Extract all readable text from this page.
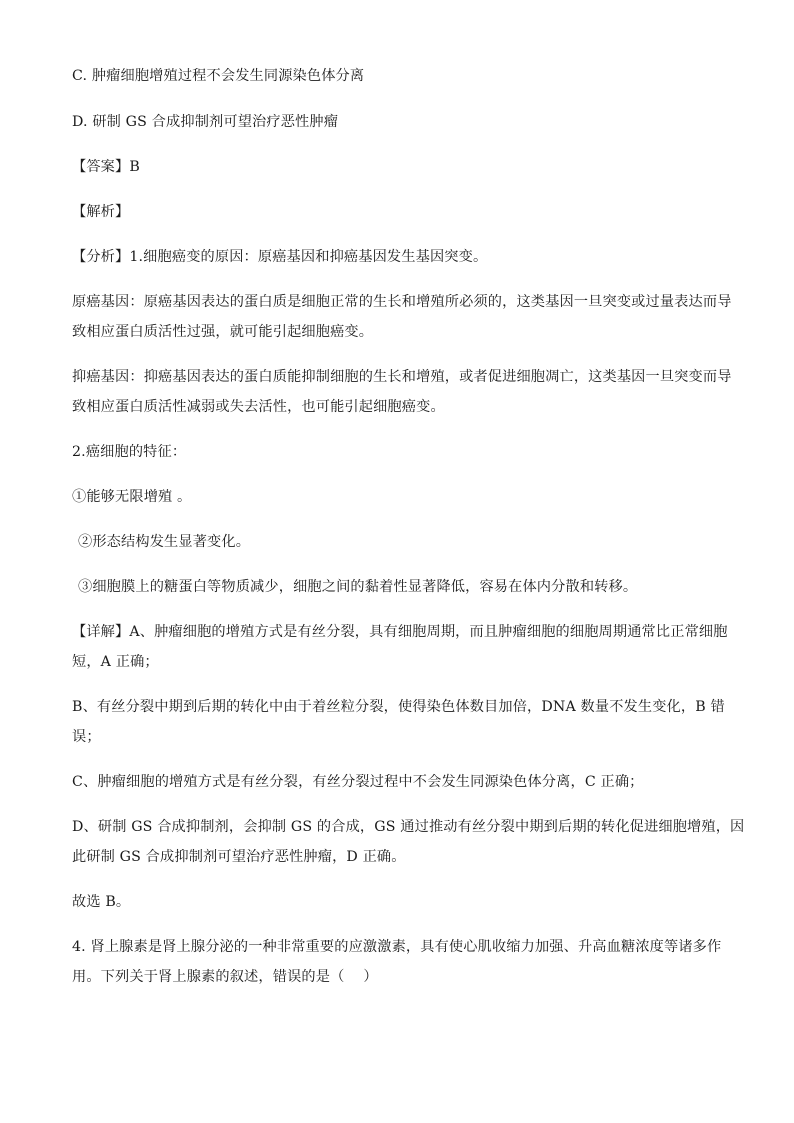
C. 肿瘤细胞增殖过程不会发生同源染色体分离
D. 研制 GS 合成抑制剂可望治疗恶性肿瘤
【答案】B
【解析】
【分析】1.细胞癌变的原因：原癌基因和抑癌基因发生基因突变。
原癌基因：原癌基因表达的蛋白质是细胞正常的生长和增殖所必须的，这类基因一旦突变或过量表达而导
致相应蛋白质活性过强，就可能引起细胞癌变。
抑癌基因：抑癌基因表达的蛋白质能抑制细胞的生长和增殖，或者促进细胞凋亡，这类基因一旦突变而导
致相应蛋白质活性减弱或失去活性，也可能引起细胞癌变。
2.癌细胞的特征：
①能够无限增殖 。
②形态结构发生显著变化。
③细胞膜上的糖蛋白等物质减少，细胞之间的黏着性显著降低，容易在体内分散和转移。
【详解】A、肿瘤细胞的增殖方式是有丝分裂，具有细胞周期，而且肿瘤细胞的细胞周期通常比正常细胞
短，A 正确；
B、有丝分裂中期到后期的转化中由于着丝粒分裂，使得染色体数目加倍，DNA 数量不发生变化，B 错
误；
C、肿瘤细胞的增殖方式是有丝分裂，有丝分裂过程中不会发生同源染色体分离，C 正确；
D、研制 GS 合成抑制剂，会抑制 GS 的合成，GS 通过推动有丝分裂中期到后期的转化促进细胞增殖，因
此研制 GS 合成抑制剂可望治疗恶性肿瘤，D 正确。
故选 B。
4. 肾上腺素是肾上腺分泌的一种非常重要的应激激素，具有使心肌收缩力加强、升高血糖浓度等诸多作
用。下列关于肾上腺素的叙述，错误的是（　 ）
